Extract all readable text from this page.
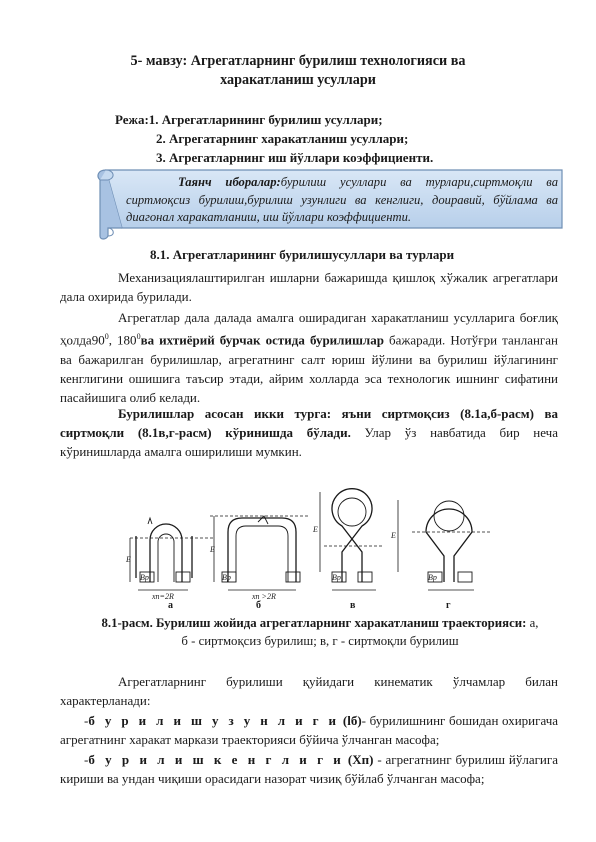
5- мавзу: Агрегатларнинг бурилиш технологияси ва
харакатланиш усуллари
Режа:1. Агрегатларининг бурилиш усуллари;
2. Агрегатарнинг харакатланиш усуллари;
3. Агрегатларнинг иш йўллари коэффициенти.
Таянч иборалар:бурилиш усуллари ва турлари,сиртмоқли ва сиртмоқсиз бурилиш,бурилиш узунлиги ва кенглиги, доиравий, бўйлама ва диагонал харакатланиш, иш йўллари коэффициенти.
8.1. Агрегатларининг бурилишусуллари ва турлари
Механизациялаштирилган ишларни бажаришда қишлоқ хўжалик агрегатлари дала охирида бурилади.
Агрегатлар дала далада амалга оширадиган харакатланиш усулларига боғлиқ $ҳолда90^0$, $180^0ва$ ихтиёрий бурчак остида бурилишлар бажаради. Нотўғри танланган ва бажарилган бурилишлар, агрегатнинг салт юриш йўлини ва бурилиш йўлагининг кенглигини ошишига таъсир этади, айрим холларда эса технологик ишнинг сифатини пасайишига олиб келади.
Бурилишлар асосан икки турга: яъни сиртмоқсиз (8.1а,б-расм) ва сиртмоқли (8.1в,г-расм) кўринишда бўлади. Улар ўз навбатида бир неча кўринишларда амалга оширилиши мумкин.
Bр
E
xп=2R
Bр
E
xп >2R
Bр
E
Bр
E
а	б	в	г
8.1-расм. Бурилиш жойида агрегатларнинг харакатланиш траекторияси: а, б - сиртмоқсиз бурилиш; в, г - сиртмоқли бурилиш
Агрегатларнинг бурилиши қуйидаги кинематик ўлчамлар билан характерланади:
-б у р и л и ш у з у н л и г и (lб)- бурилишнинг бошидан охиригача агрегатнинг харакат маркази траекторияси бўйича ўлчанган масофа;
-б у р и л и ш к е н г л и г и (Хп) - агрегатнинг бурилиш йўлагига кириши ва ундан чиқиши орасидаги назорат чизиқ бўйлаб ўлчанган масофа;
